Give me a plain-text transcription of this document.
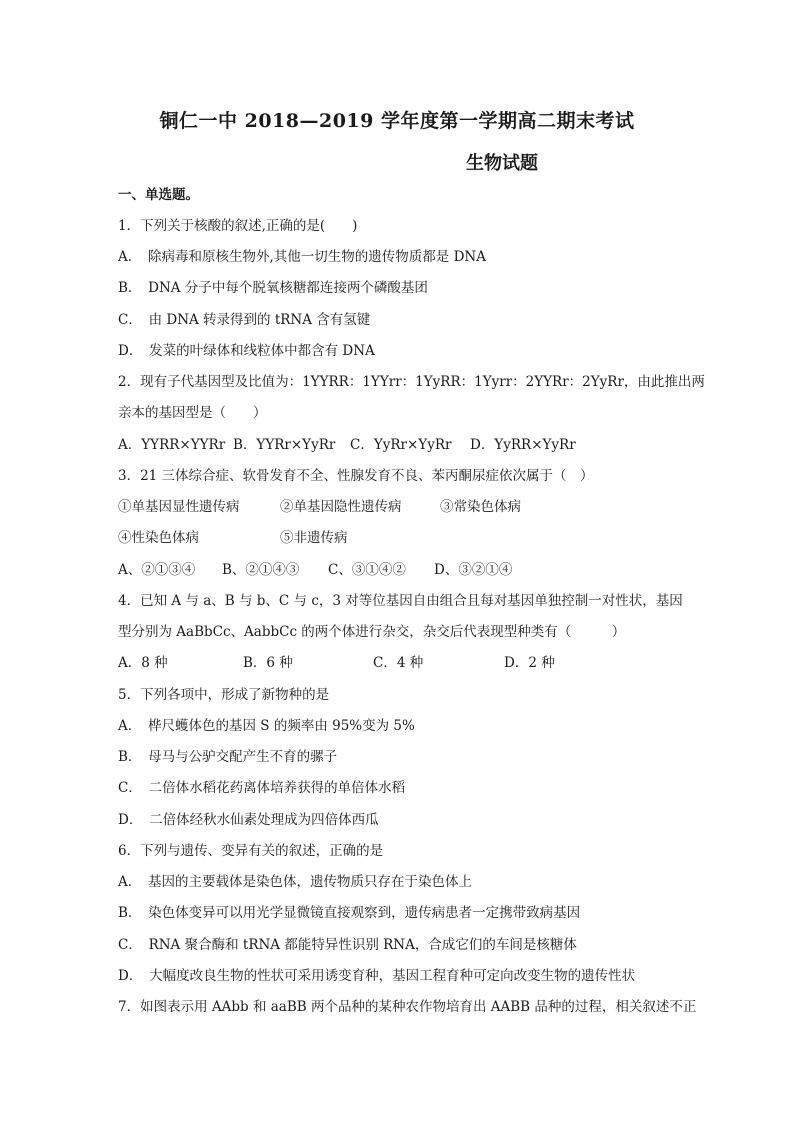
铜仁一中 2018—2019 学年度第一学期高二期末考试
生物试题
一、单选题。
1．下列关于核酸的叙述,正确的是(　　)
A．　除病毒和原核生物外,其他一切生物的遗传物质都是 DNA
B．　DNA 分子中每个脱氧核糖都连接两个磷酸基团
C．　由 DNA 转录得到的 tRNA 含有氢键
D．　发菜的叶绿体和线粒体中都含有 DNA
2．现有子代基因型及比值为：1YYRR：1YYrr：1YyRR：1Yyrr：2YYRr：2YyRr，由此推出两
亲本的基因型是（　　）
A．YYRR×YYRr B．YYRr×YyRr C．YyRr×YyRr D．YyRR×YyRr
3．21 三体综合症、软骨发育不全、性腺发育不良、苯丙酮尿症依次属于（　）
①单基因显性遗传病	②单基因隐性遗传病	③常染色体病
④性染色体病	⑤非遗传病
A、②①③④ B、②①④③ C、③①④② D、③②①④
4．已知 A 与 a、B 与 b、C 与 c，3 对等位基因自由组合且每对基因单独控制一对性状，基因
型分别为 AaBbCc、AabbCc 的两个体进行杂交，杂交后代表现型种类有（　　　）
A．8 种	B．6 种	C．4 种	D．2 种
5．下列各项中，形成了新物种的是
A．　桦尺蠖体色的基因 S 的频率由 95%变为 5%
B．　母马与公驴交配产生不育的骡子
C．　二倍体水稻花药离体培养获得的单倍体水稻
D．　二倍体经秋水仙素处理成为四倍体西瓜
6．下列与遗传、变异有关的叙述，正确的是
A．　基因的主要载体是染色体，遗传物质只存在于染色体上
B．　染色体变异可以用光学显微镜直接观察到，遗传病患者一定携带致病基因
C．　RNA 聚合酶和 tRNA 都能特异性识别 RNA，合成它们的车间是核糖体
D．　大幅度改良生物的性状可采用诱变育种，基因工程育种可定向改变生物的遗传性状
7．如图表示用 AAbb 和 aaBB 两个品种的某种农作物培育出 AABB 品种的过程，相关叙述不正
